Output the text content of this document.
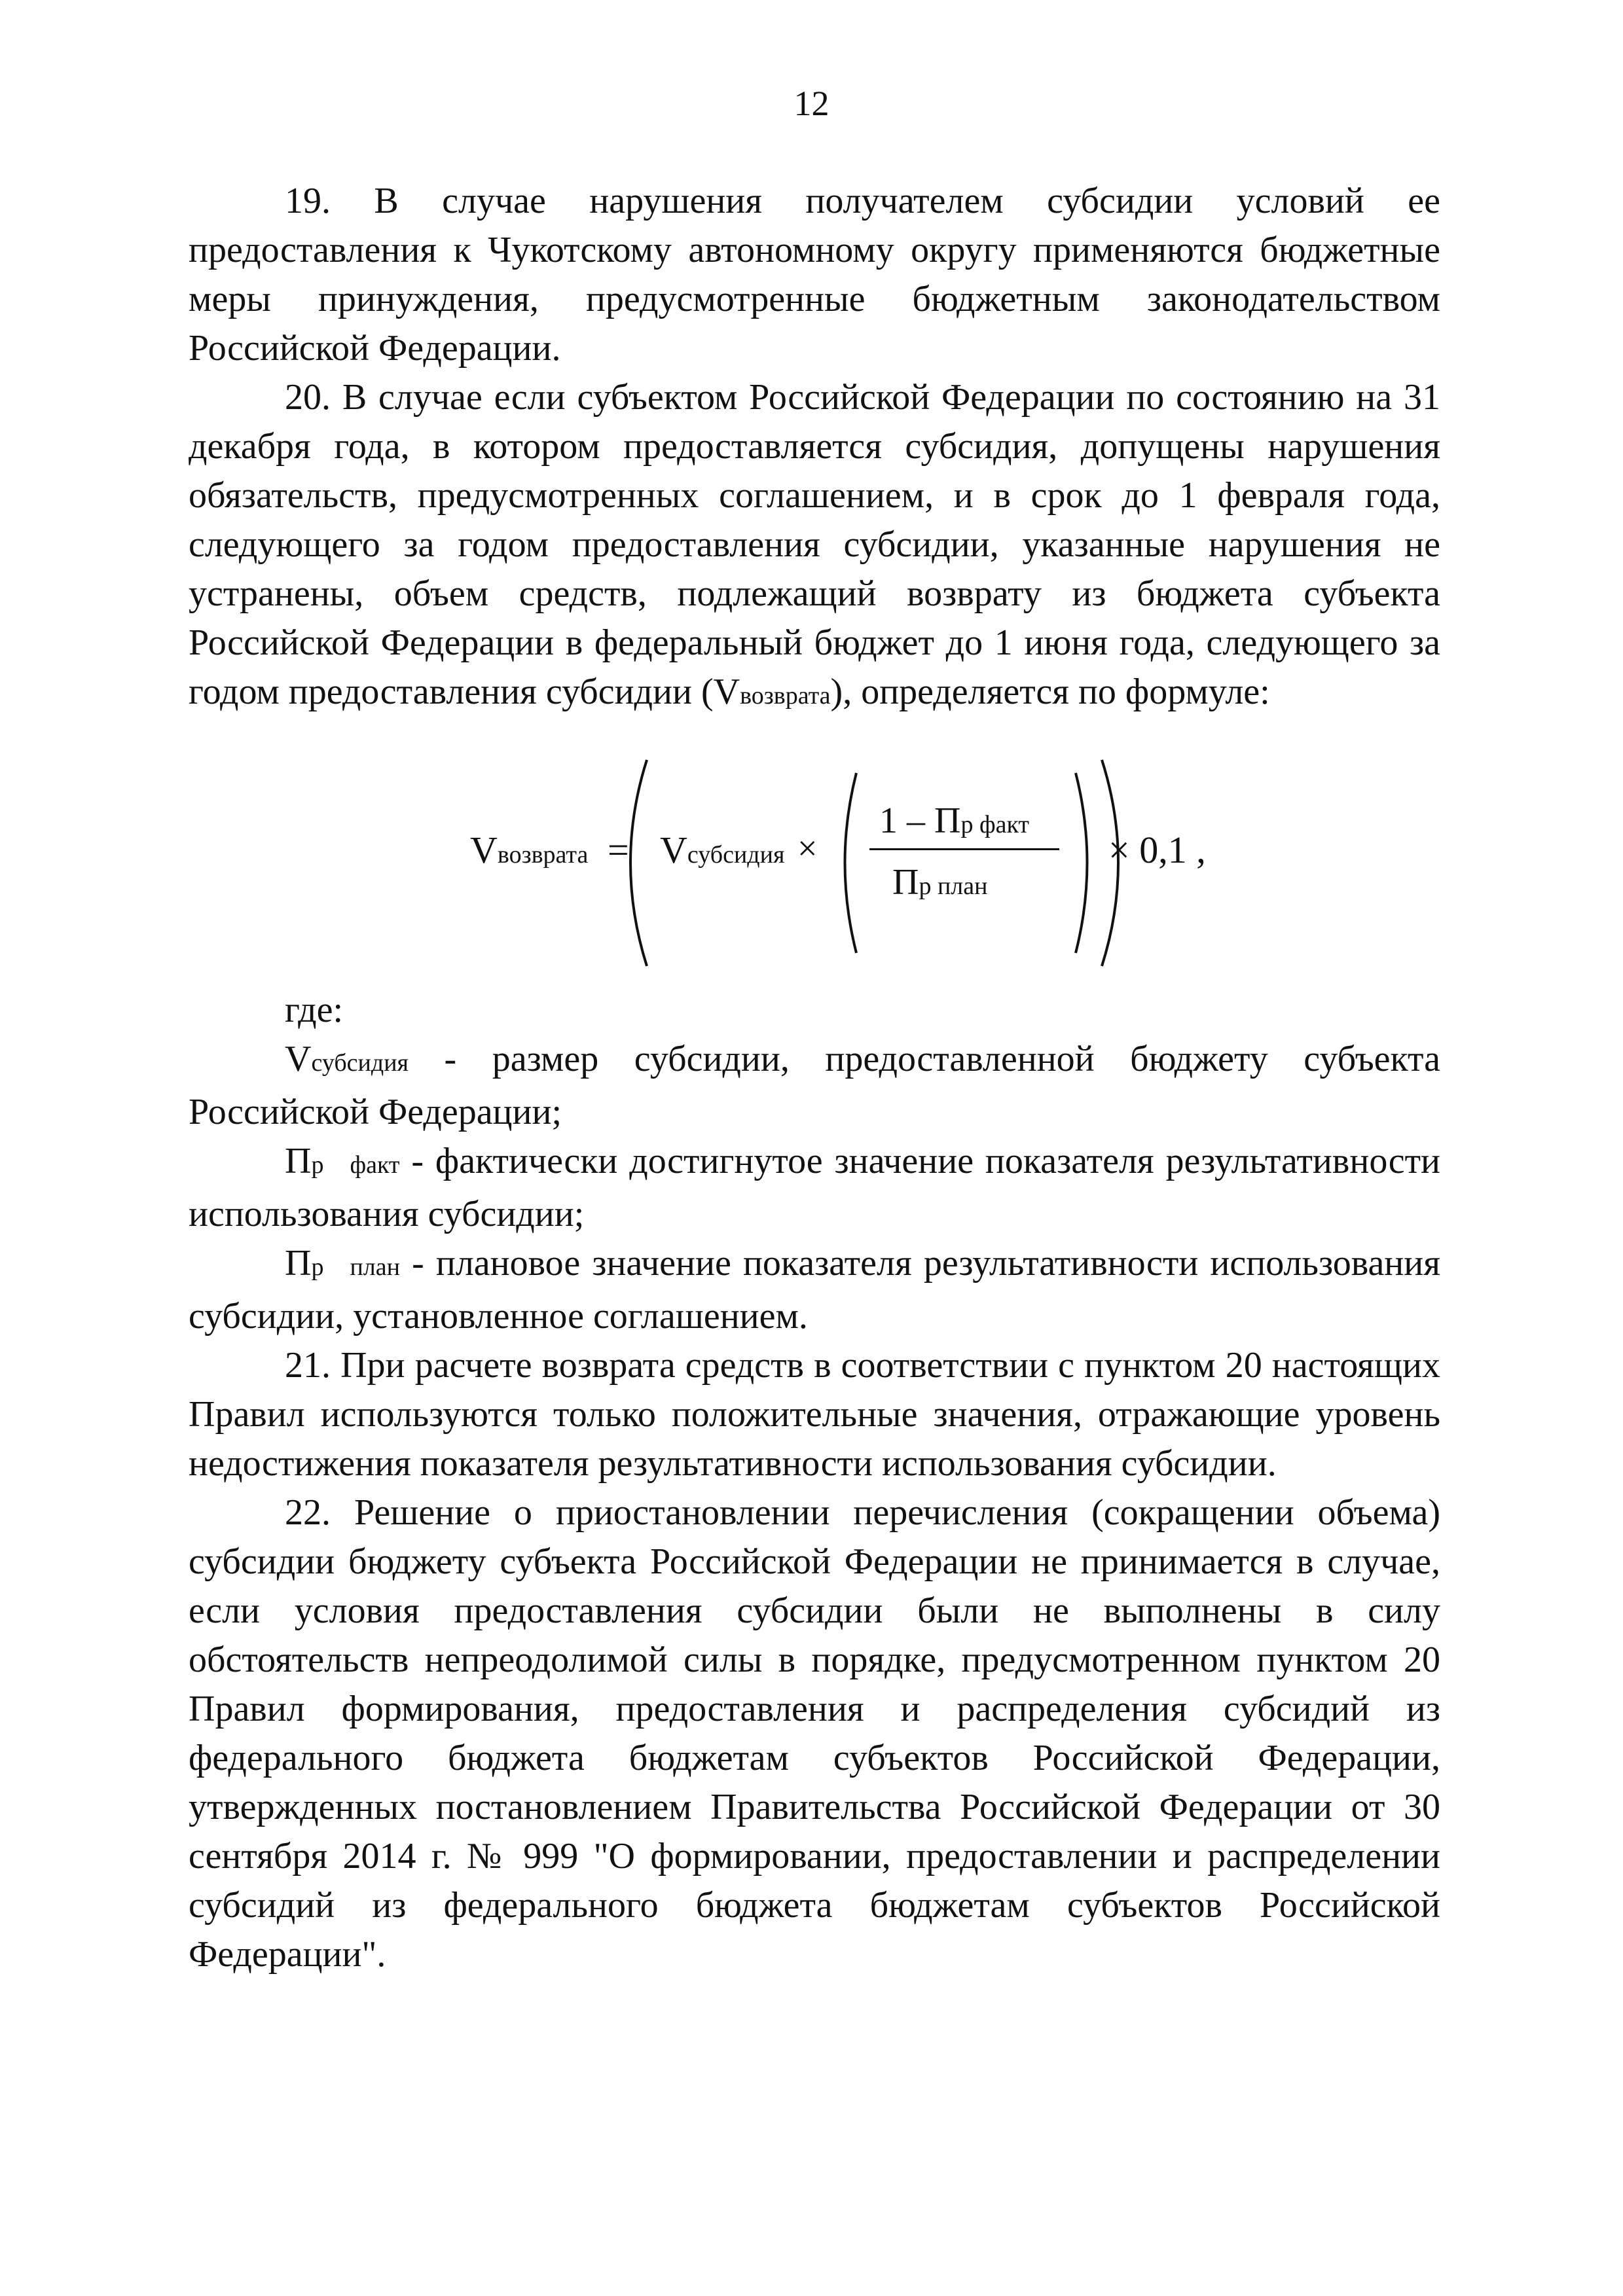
12

19. В случае нарушения получателем субсидии условий ее предоставления к Чукотскому автономному округу применяются бюджетные меры принуждения, предусмотренные бюджетным законодательством Российской Федерации.

20. В случае если субъектом Российской Федерации по состоянию на 31 декабря года, в котором предоставляется субсидия, допущены нарушения обязательств, предусмотренных соглашением, и в срок до 1 февраля года, следующего за годом предоставления субсидии, указанные нарушения не устранены, объем средств, подлежащий возврату из бюджета субъекта Российской Федерации в федеральный бюджет до 1 июня года, следующего за годом предоставления субсидии (Vвозврата), определяется по формуле:

Vвозврата = Vсубсидия ×
1 – Пр факт
Пр план
× 0,1 ,

где:

Vсубсидия - размер субсидии, предоставленной бюджету субъекта Российской Федерации;

Пр факт - фактически достигнутое значение показателя результативности использования субсидии;

Пр план - плановое значение показателя результативности использования субсидии, установленное соглашением.

21. При расчете возврата средств в соответствии с пунктом 20 настоящих Правил используются только положительные значения, отражающие уровень недостижения показателя результативности использования субсидии.

22. Решение о приостановлении перечисления (сокращении объема) субсидии бюджету субъекта Российской Федерации не принимается в случае, если условия предоставления субсидии были не выполнены в силу обстоятельств непреодолимой силы в порядке, предусмотренном пунктом 20 Правил формирования, предоставления и распределения субсидий из федерального бюджета бюджетам субъектов Российской Федерации, утвержденных постановлением Правительства Российской Федерации от 30 сентября 2014 г. № 999 "О формировании, предоставлении и распределении субсидий из федерального бюджета бюджетам субъектов Российской Федерации".
